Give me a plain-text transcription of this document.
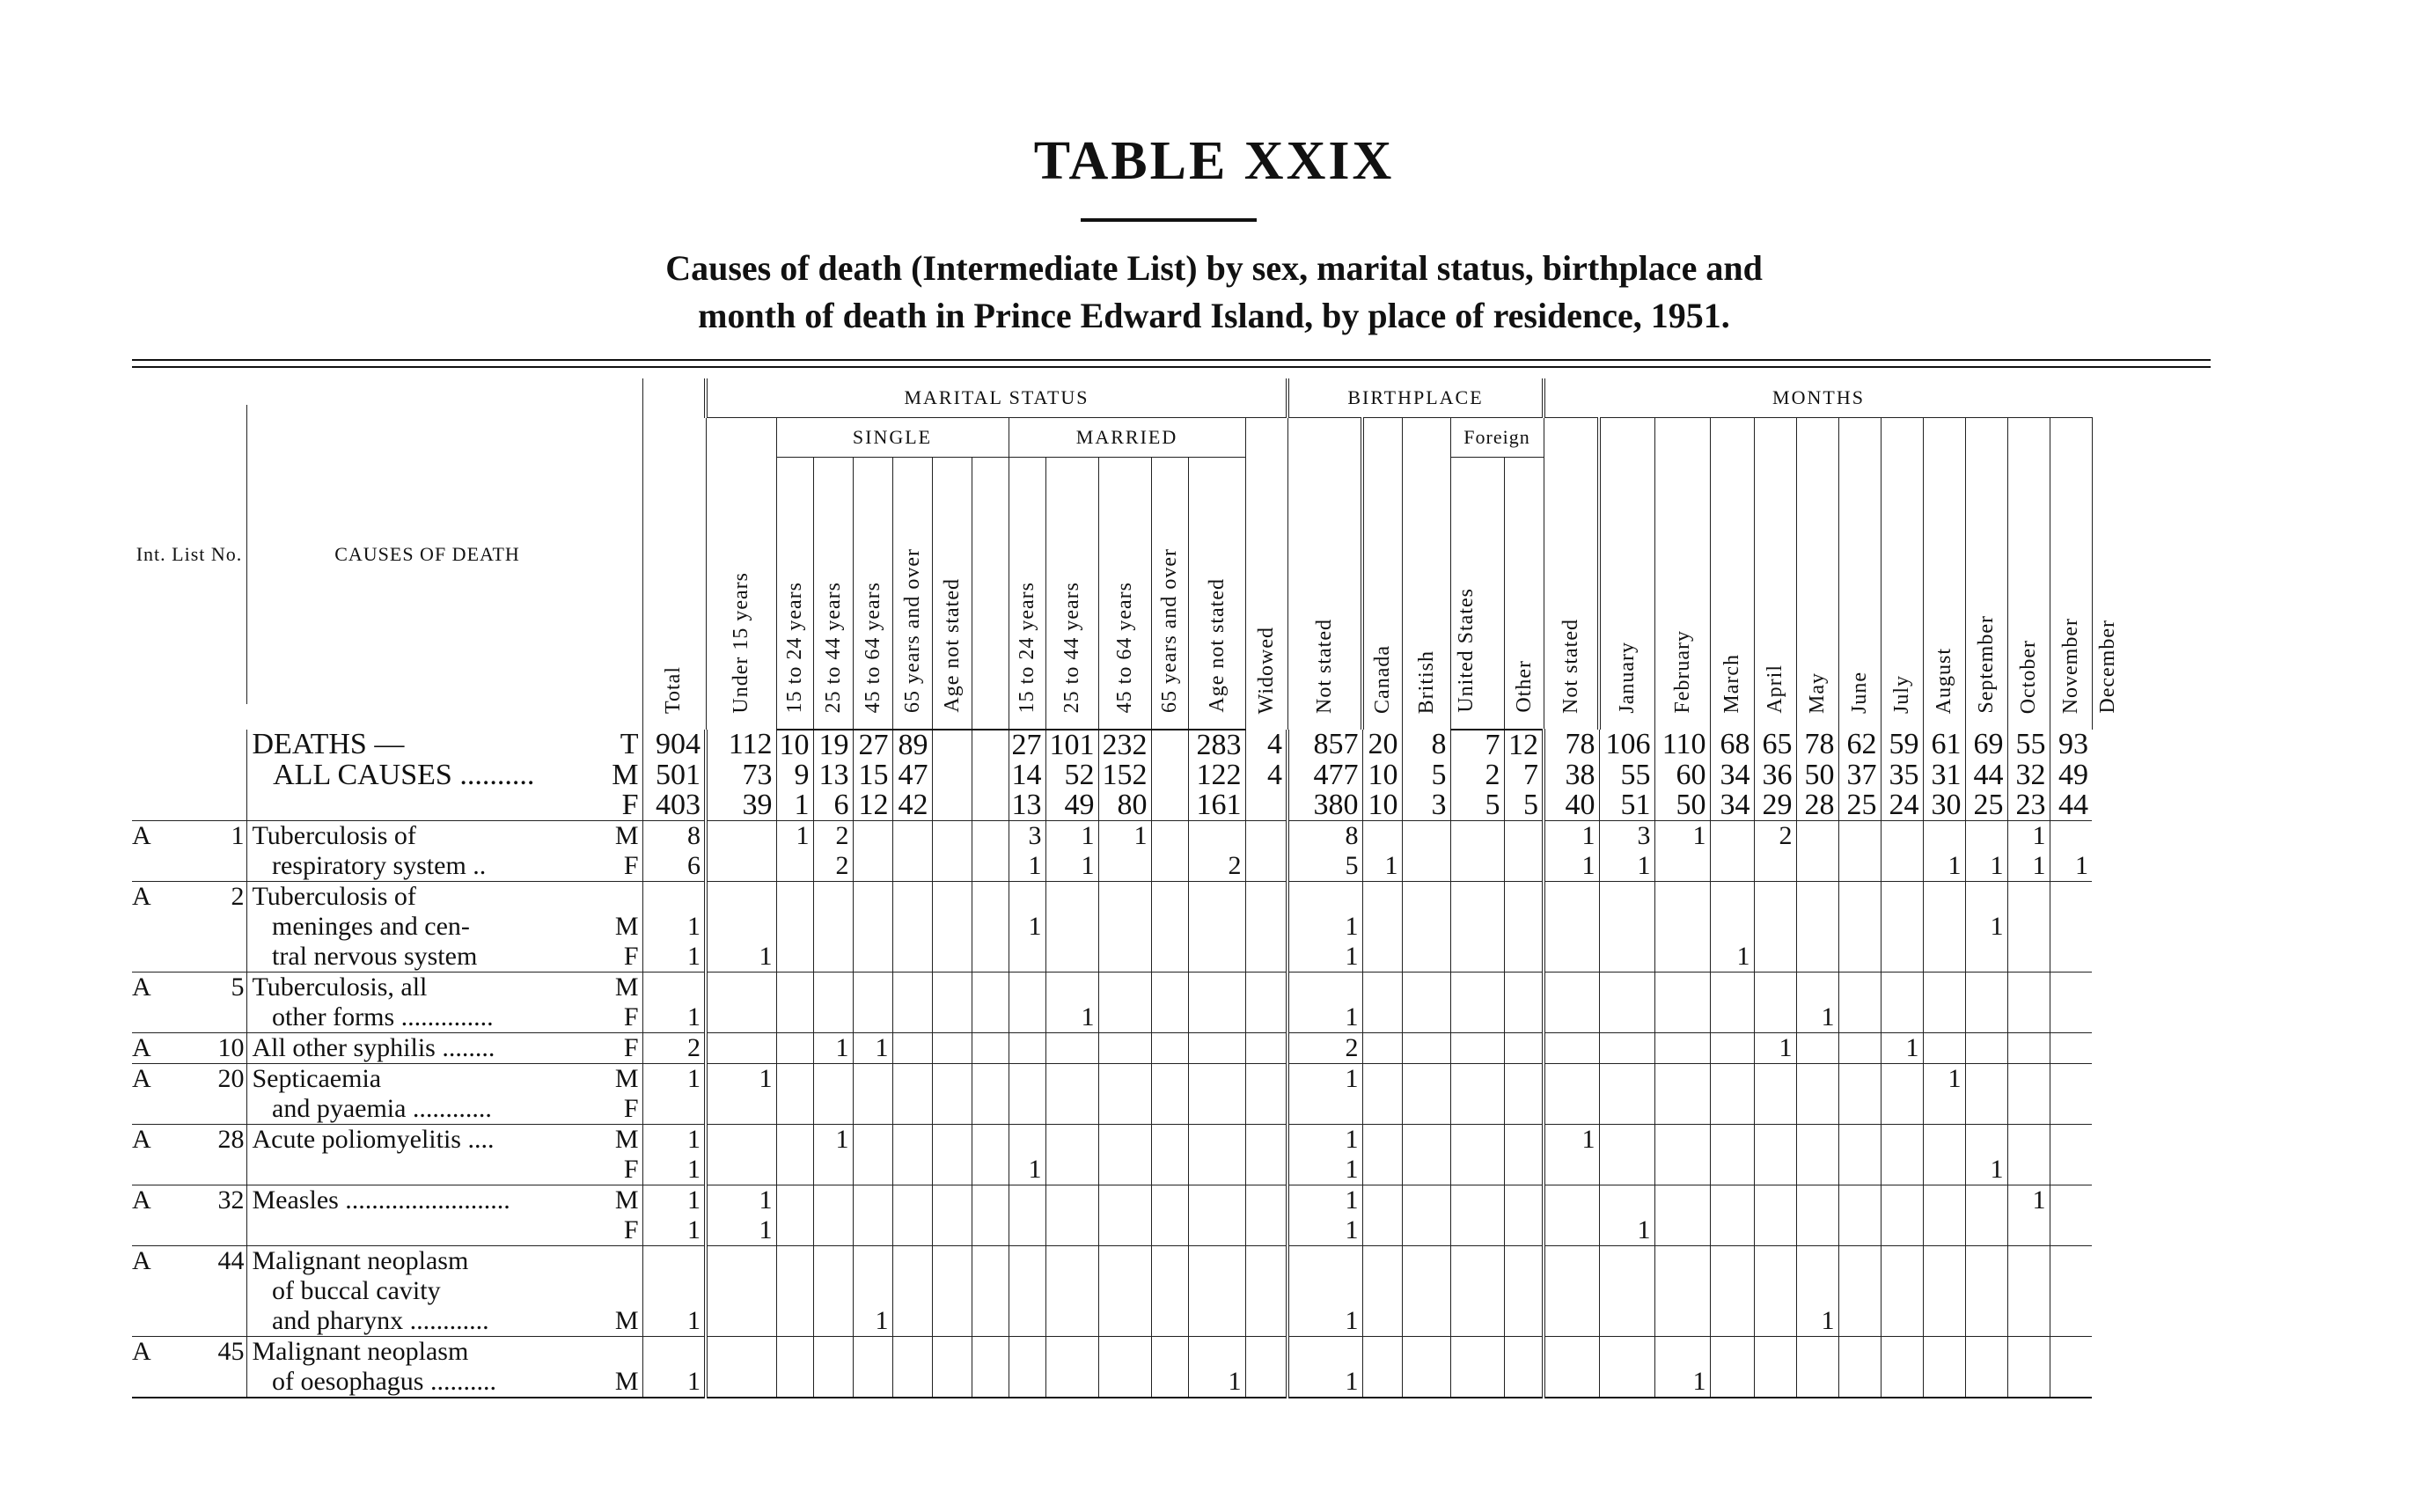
TABLE XXIX
Causes of death (Intermediate List) by sex, marital status, birthplace and
month of death in Prince Edward Island, by place of residence, 1951.
Int. List No. CAUSES OF DEATH				Total	MARITAL STATUS													BIRTHPLACE					MONTHS												
					Under 15 years	SINGLE						MARRIED					Widowed	Not stated	Canada	British	Foreign		Not stated	January	February	March	April	May	June	July	August	September	October	November	December
						15 to 24 years	25 to 44 years	45 to 64 years	65 years and over	Age not stated		15 to 24 years	25 to 44 years	45 to 64 years	65 years and over	Age not stated					United States	Other													
		DEATHS —	T	904	112	10	19	27	89			27	101	232		283	4	857	20	8	7	12	78	106	110	68	65	78	62	59	61	69	55	93	
		ALL CAUSES ..........	M	501	73	9	13	15	47			14	52	152		122	4	477	10	5	2	7	38	55	60	34	36	50	37	35	31	44	32	49	
			F	403	39	1	6	12	42			13	49	80		161		380	10	3	5	5	40	51	50	34	29	28	25	24	30	25	23	44	
A	1	Tuberculosis of	M	8		1	2					3	1	1				8					1	3	1		2						1		
		respiratory system ..	F	6			2					1	1			2		5	1				1	1							1	1	1	1	
A	2	Tuberculosis of																																	
		meninges and cen-	M	1								1						1														1			
		tral nervous system	F	1	1													1								1									
A	5	Tuberculosis, all	M																																
		other forms ..............	F	1									1					1										1							
A	10	All other syphilis ........	F	2			1	1										2									1			1					
A	20	Septicaemia	M	1	1													1													1				
		and pyaemia ............	F																																
A	28	Acute poliomyelitis ....	M	1			1											1					1												
			F	1								1						1														1			
A	32	Measles .........................	M	1	1													1															1		
			F	1	1													1						1											
A	44	Malignant neoplasm																																	
		of buccal cavity																																	
		and pharynx ............	M	1				1										1										1							
A	45	Malignant neoplasm																																	
		of oesophagus ..........	M	1												1		1							1										
